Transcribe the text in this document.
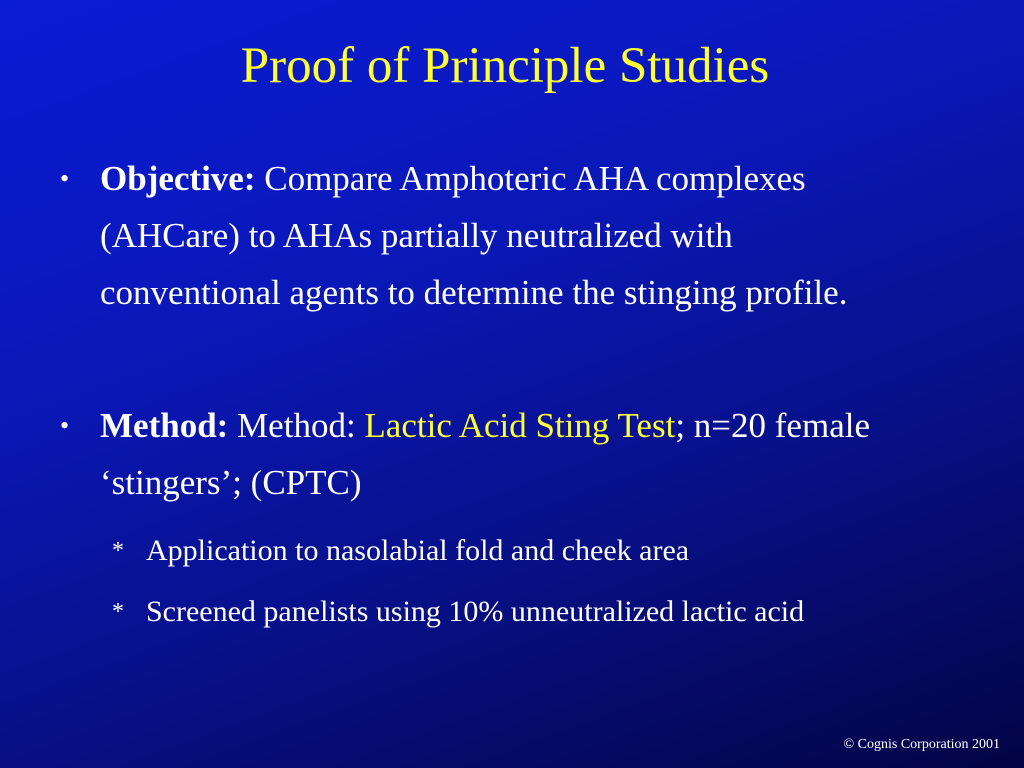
Proof of Principle Studies
• Objective: Compare Amphoteric AHA complexes (AHCare) to AHAs partially neutralized with conventional agents to determine the stinging profile.
• Method: Method: Lactic Acid Sting Test; n=20 female ‘stingers’; (CPTC)
* Application to nasolabial fold and cheek area
* Screened panelists using 10% unneutralized lactic acid
© Cognis Corporation 2001
